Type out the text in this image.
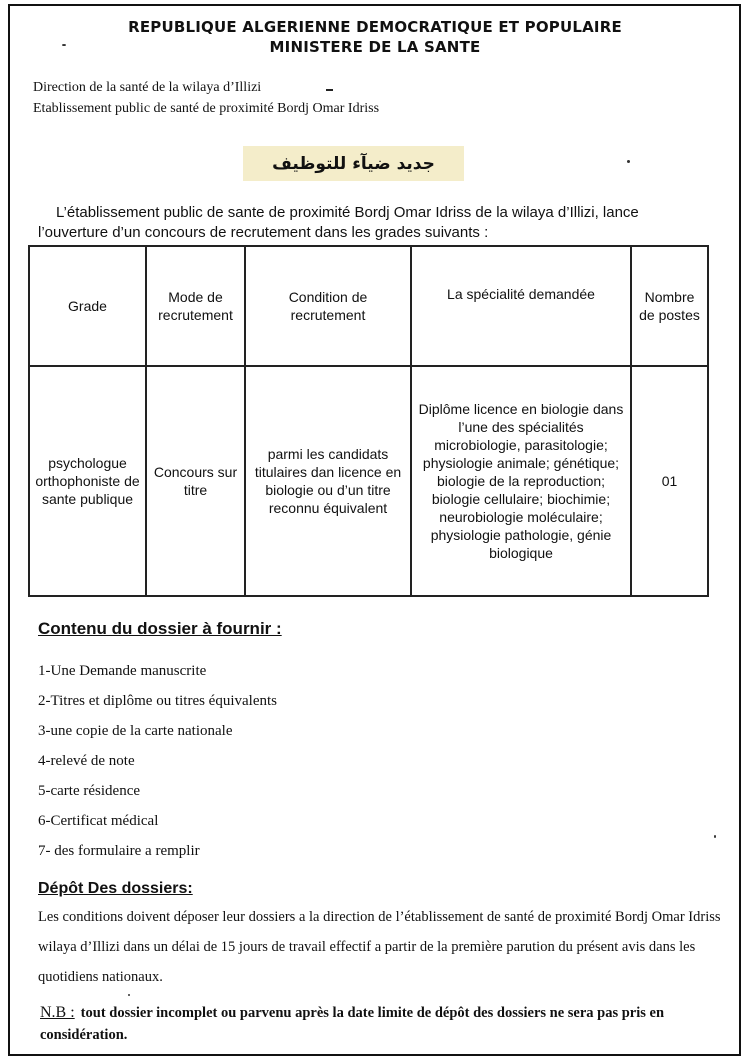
REPUBLIQUE ALGERIENNE DEMOCRATIQUE ET POPULAIRE
MINISTERE DE LA SANTE
Direction de la santé de la wilaya d’Illizi
Etablissement public de santé de proximité Bordj Omar Idriss
جديد ضيآء للتوظيف
L’établissement public de sante de proximité Bordj Omar Idriss de la wilaya d’Illizi, lance
l’ouverture d’un concours de recrutement dans les grades suivants :
Grade	Mode de recrutement	Condition de recrutement	La spécialité demandée	Nombre de postes
psychologue orthophoniste de sante publique	Concours sur titre	parmi les candidats titulaires dan licence en biologie ou d’un titre reconnu équivalent	Diplôme licence en biologie dans l’une des spécialités microbiologie, parasitologie; physiologie animale; génétique; biologie de la reproduction; biologie cellulaire; biochimie; neurobiologie moléculaire; physiologie pathologie, génie biologique	01
Contenu du dossier à fournir :
1-Une Demande manuscrite
2-Titres et diplôme ou titres équivalents
3-une copie de la carte nationale
4-relevé de note
5-carte résidence
6-Certificat médical
7- des formulaire a remplir
Dépôt Des dossiers:
Les conditions doivent déposer leur dossiers a la direction de l’établissement de santé de proximité Bordj Omar Idriss wilaya d’Illizi dans un délai de 15 jours de travail effectif a partir de la première parution du présent avis dans les quotidiens nationaux.
N.B : tout dossier incomplet ou parvenu après la date limite de dépôt des dossiers ne sera pas pris en considération.
